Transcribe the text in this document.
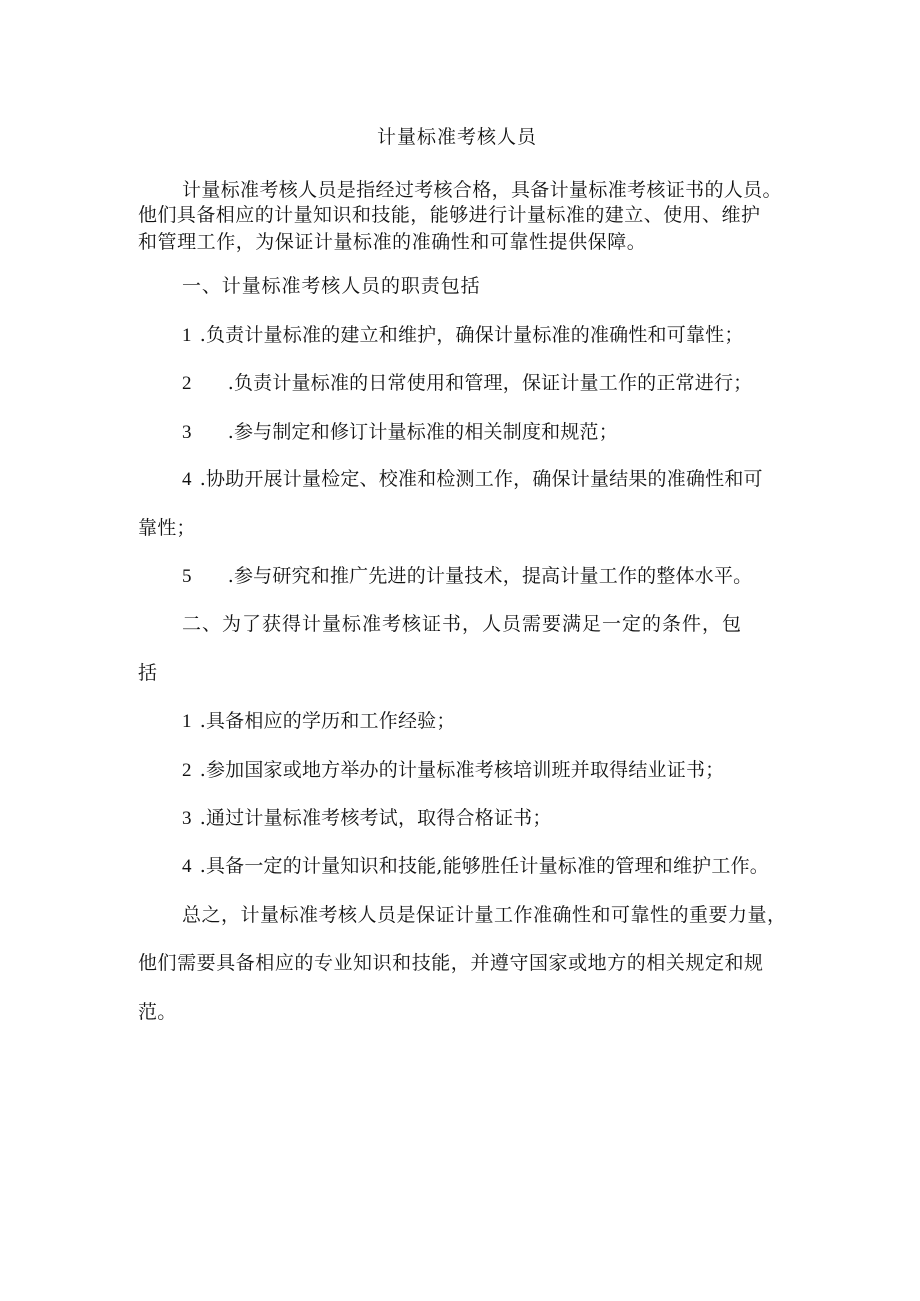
计量标准考核人员
计量标准考核人员是指经过考核合格，具备计量标准考核证书的人员。
他们具备相应的计量知识和技能，能够进行计量标准的建立、使用、维护
和管理工作，为保证计量标准的准确性和可靠性提供保障。
一、计量标准考核人员的职责包括
1 .负责计量标准的建立和维护，确保计量标准的准确性和可靠性；
2 .负责计量标准的日常使用和管理，保证计量工作的正常进行；
3 .参与制定和修订计量标准的相关制度和规范；
4 .协助开展计量检定、校准和检测工作，确保计量结果的准确性和可
靠性；
5 .参与研究和推广先进的计量技术，提高计量工作的整体水平。
二、为了获得计量标准考核证书，人员需要满足一定的条件，包
括
1 .具备相应的学历和工作经验；
2 .参加国家或地方举办的计量标准考核培训班并取得结业证书；
3 .通过计量标准考核考试，取得合格证书；
4 .具备一定的计量知识和技能,能够胜任计量标准的管理和维护工作。
总之，计量标准考核人员是保证计量工作准确性和可靠性的重要力量，
他们需要具备相应的专业知识和技能，并遵守国家或地方的相关规定和规
范。
